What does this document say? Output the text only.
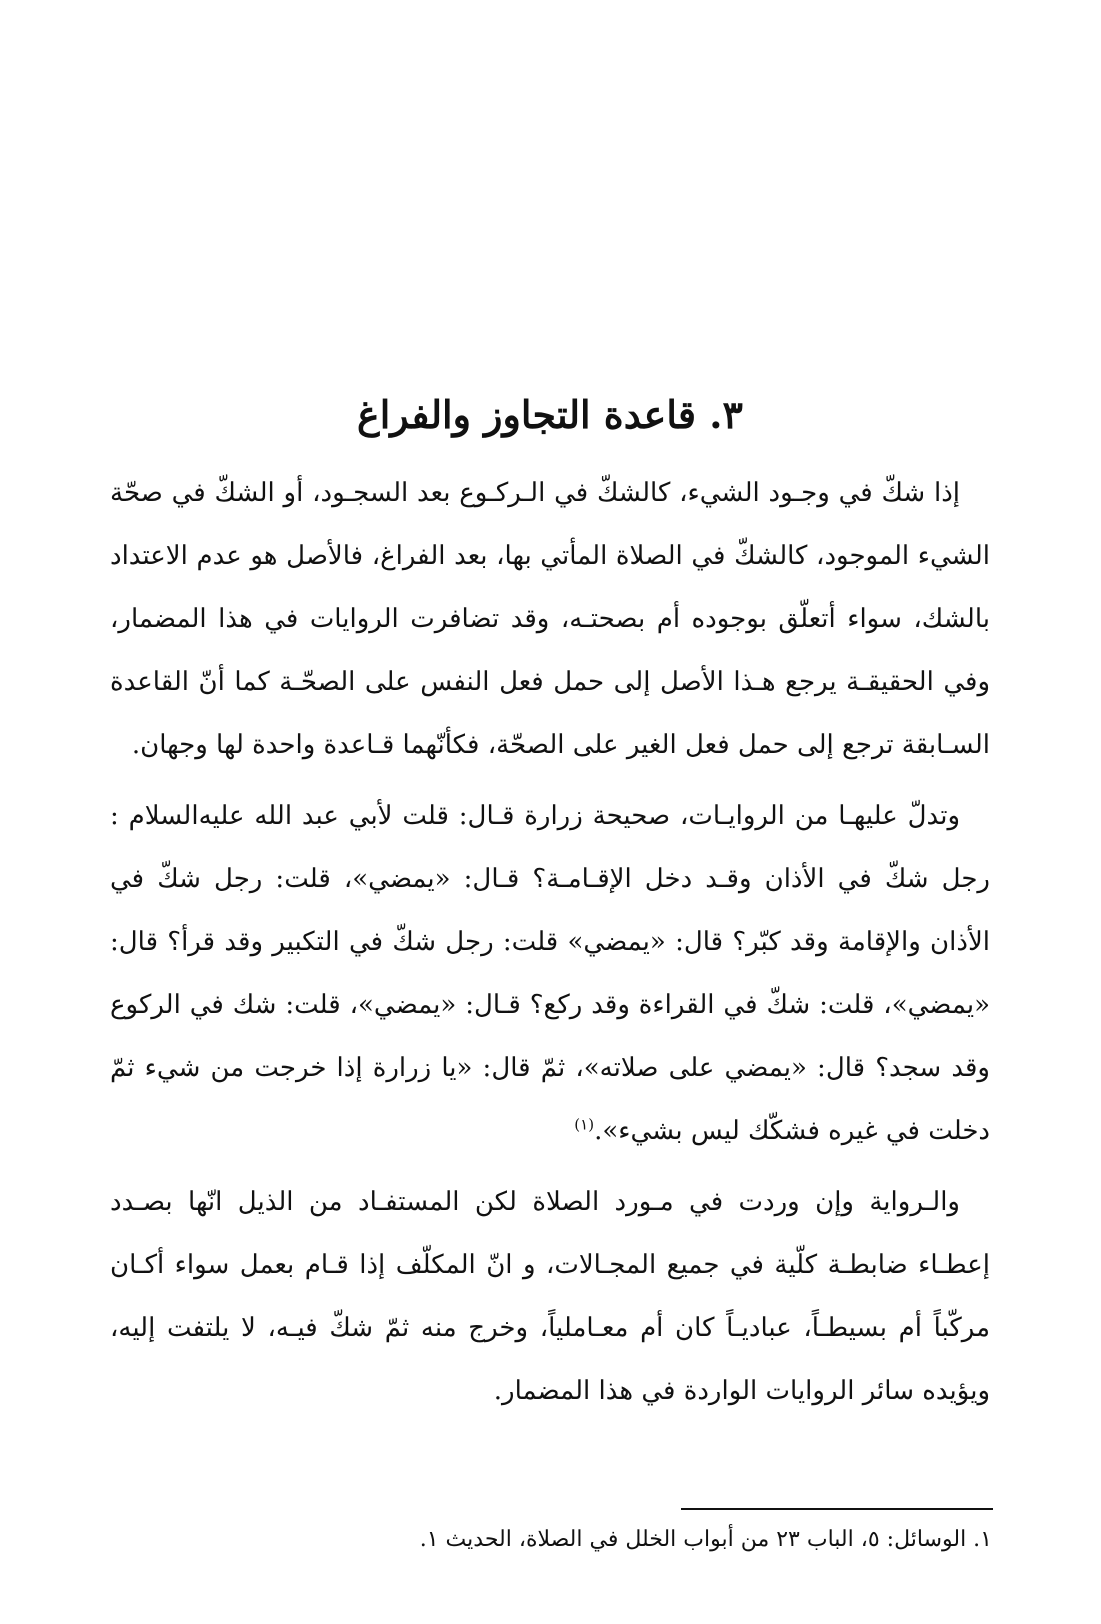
٣. قاعدة التجاوز والفراغ

إذا شكّ في وجـود الشيء، كالشكّ في الـركـوع بعد السجـود، أو الشكّ في صحّة الشيء الموجود، كالشكّ في الصلاة المأتي بها، بعد الفراغ، فالأصل هو عدم الاعتداد بالشك، سواء أتعلّق بوجوده أم بصحتـه، وقد تضافرت الروايات في هذا المضمار، وفي الحقيقـة يرجع هـذا الأصل إلى حمل فعل النفس على الصحّـة كما أنّ القاعدة السـابقة ترجع إلى حمل فعل الغير على الصحّة، فكأنّهما قـاعدة واحدة لها وجهان.

وتدلّ عليهـا من الروايـات، صحيحة زرارة قـال: قلت لأبي عبد الله عليه‌السلام : رجل شكّ في الأذان وقـد دخل الإقـامـة؟ قـال: «يمضي»، قلت: رجل شكّ في الأذان والإقامة وقد كبّر؟ قال: «يمضي» قلت: رجل شكّ في التكبير وقد قرأ؟ قال: «يمضي»، قلت: شكّ في القراءة وقد ركع؟ قـال: «يمضي»، قلت: شك في الركوع وقد سجد؟ قال: «يمضي على صلاته»، ثمّ قال: «يا زرارة إذا خرجت من شيء ثمّ دخلت في غيره فشكّك ليس بشيء».$^{(١)}$

والـرواية وإن وردت في مـورد الصلاة لكن المستفـاد من الذيل انّها بصـدد إعطـاء ضابطـة كلّية في جميع المجـالات، و انّ المكلّف إذا قـام بعمل سواء أكـان مركّباً أم بسيطـاً، عباديـاً كان أم معـاملياً، وخرج منه ثمّ شكّ فيـه، لا يلتفت إليه، ويؤيده سائر الروايات الواردة في هذا المضمار.

١. الوسائل: ٥، الباب ٢٣ من أبواب الخلل في الصلاة، الحديث ١.
